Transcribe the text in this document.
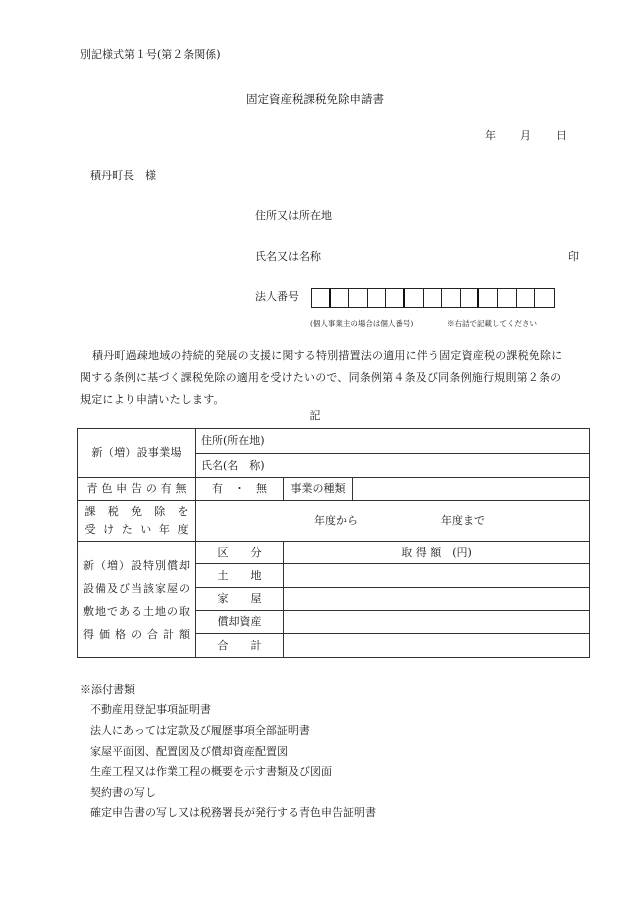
別記様式第１号(第２条関係)
固定資産税課税免除申請書
年 月 日
積丹町長　様
住所又は所在地
氏名又は名称	印
法人番号
(個人事業主の場合は個人番号)	※右詰で記載してください
積丹町過疎地域の持続的発展の支援に関する特別措置法の適用に伴う固定資産税の課税免除に
関する条例に基づく課税免除の適用を受けたいので、同条例第４条及び同条例施行規則第２条の
規定により申請いたします。
記
新（増）設事業場	住所(所在地)		
	氏名(名　称)		

青色申告の有無	有　・　無	事業の種類	

課税免除を
受けたい年度	年度から 年度まで		

新（増）設特別償却
設備及び当該家屋の
敷地である土地の取
得価格の合計額	区　　分	取 得 額　(円)	
	土　　地		
	家　　屋		
	償却資産		
	合　　計		
※添付書類
不動産用登記事項証明書
法人にあっては定款及び履歴事項全部証明書
家屋平面図、配置図及び償却資産配置図
生産工程又は作業工程の概要を示す書類及び図面
契約書の写し
確定申告書の写し又は税務署長が発行する青色申告証明書
